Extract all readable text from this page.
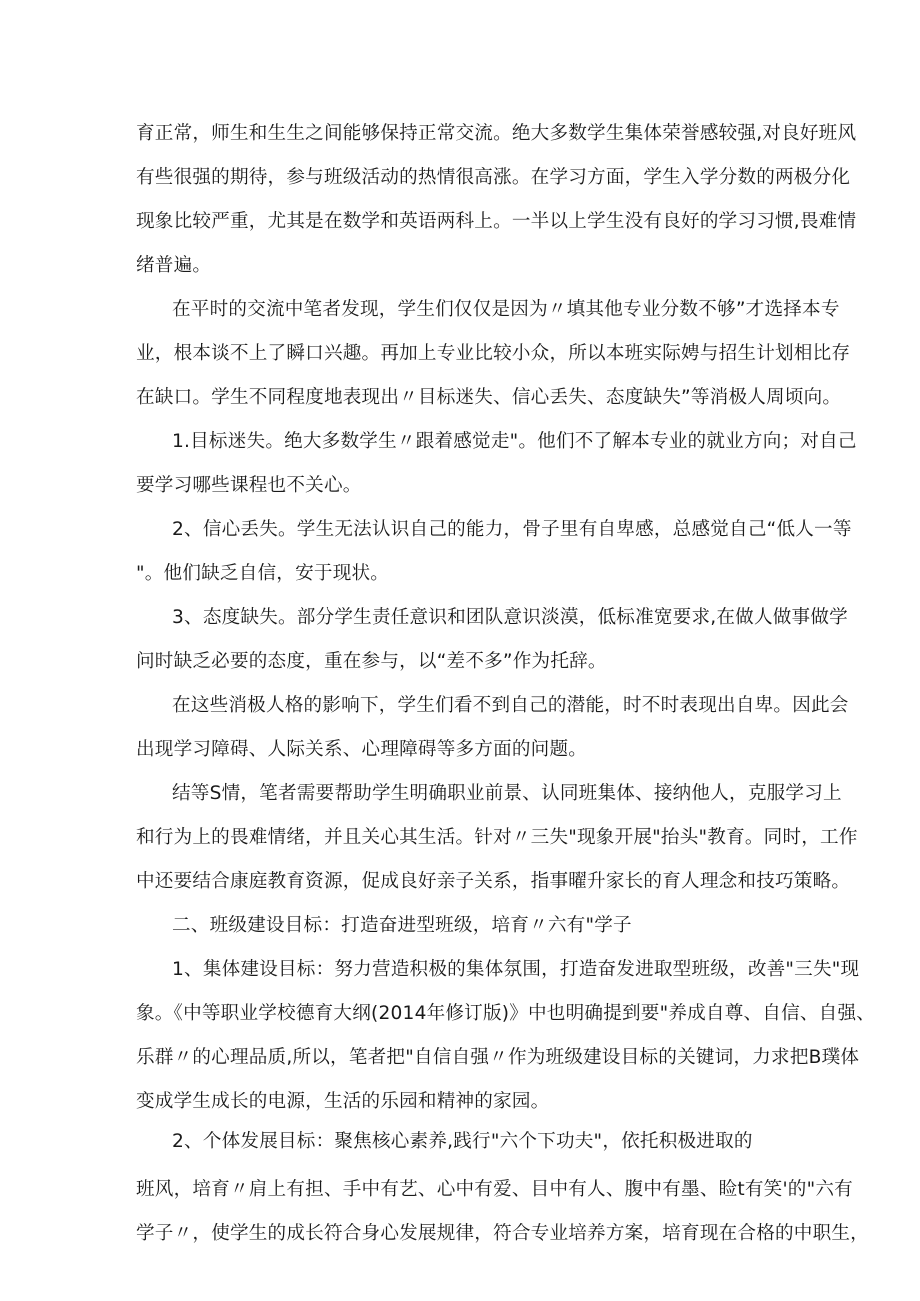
育正常，师生和生生之间能够保持正常交流。绝大多数学生集体荣誉感较强,对良好班风
有些很强的期待，参与班级活动的热情很高涨。在学习方面，学生入学分数的两极分化
现象比较严重，尤其是在数学和英语两科上。一半以上学生没有良好的学习习惯,畏难情
绪普遍。
在平时的交流中笔者发现，学生们仅仅是因为〃填其他专业分数不够”才选择本专
业，根本谈不上了瞬口兴趣。再加上专业比较小众，所以本班实际娉与招生计划相比存
在缺口。学生不同程度地表现出〃目标迷失、信心丢失、态度缺失”等消极人周顷向。
1.目标迷失。绝大多数学生〃跟着感觉走"。他们不了解本专业的就业方向；对自己
要学习哪些课程也不关心。
2、信心丢失。学生无法认识自己的能力，骨子里有自卑感，总感觉自己“低人一等
"。他们缺乏自信，安于现状。
3、态度缺失。部分学生责任意识和团队意识淡漠，低标准宽要求,在做人做事做学
问时缺乏必要的态度，重在参与，以“差不多”作为托辞。
在这些消极人格的影响下，学生们看不到自己的潜能，时不时表现出自卑。因此会
出现学习障碍、人际关系、心理障碍等多方面的问题。
结等S情，笔者需要帮助学生明确职业前景、认同班集体、接纳他人，克服学习上
和行为上的畏难情绪，并且关心其生活。针对〃三失"现象开展"抬头"教育。同时，工作
中还要结合康庭教育资源，促成良好亲子关系，指事曜升家长的育人理念和技巧策略。
二、班级建设目标：打造奋进型班级，培育〃六有"学子
1、集体建设目标：努力营造积极的集体氛围，打造奋发进取型班级，改善"三失"现
象。《中等职业学校德育大纲(2014年修订版)》中也明确提到要"养成自尊、自信、自强、
乐群〃的心理品质,所以，笔者把"自信自强〃作为班级建设目标的关键词，力求把B璞体
变成学生成长的电源，生活的乐园和精神的家园。
2、个体发展目标：聚焦核心素养,践行"六个下功夫"，依托积极进取的
班风，培育〃肩上有担、手中有艺、心中有爱、目中有人、腹中有墨、睑t有笑'的"六有
学子〃，使学生的成长符合身心发展规律，符合专业培养方案，培育现在合格的中职生，
